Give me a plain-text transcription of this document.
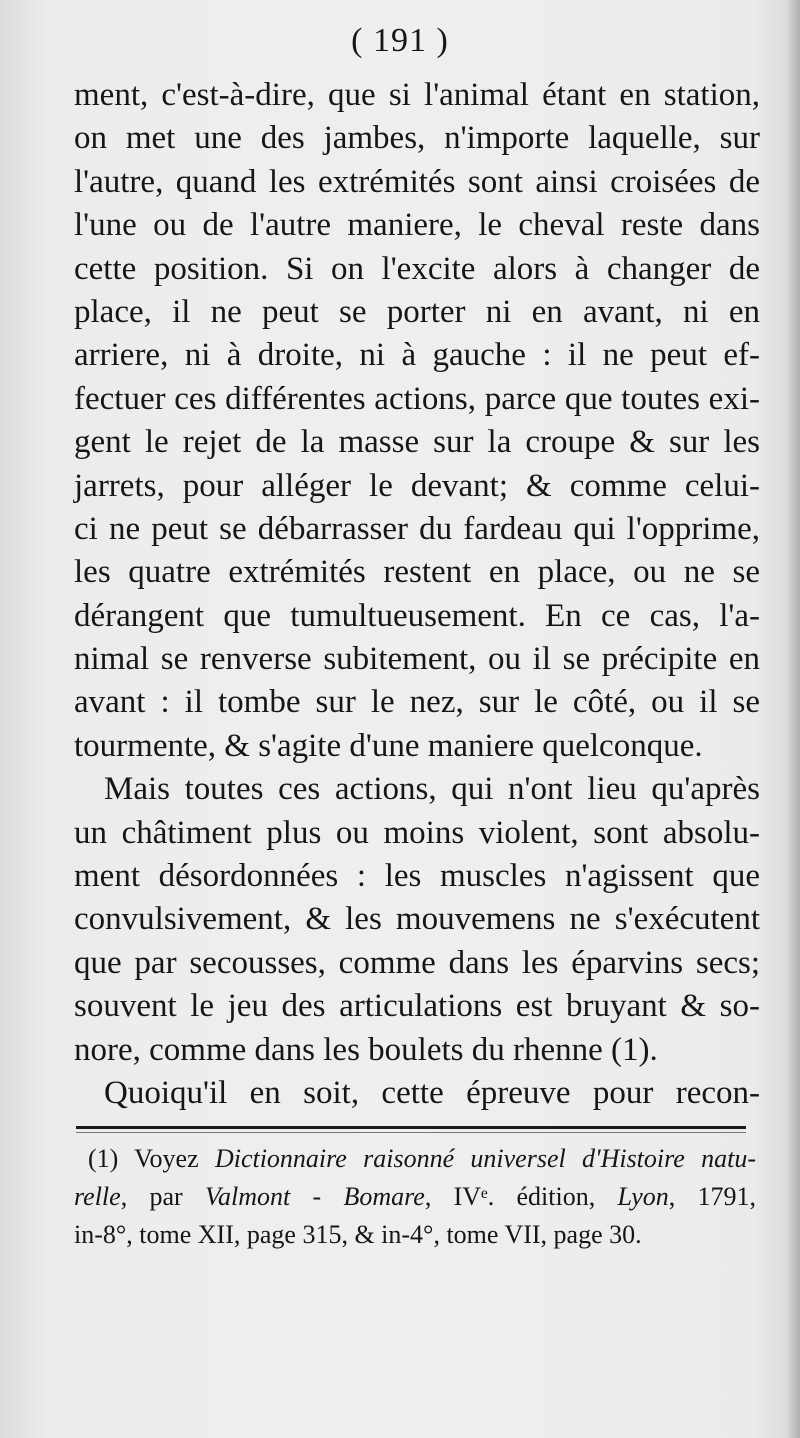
( 191 )
ment, c'est-à-dire, que si l'animal étant en station,
on met une des jambes, n'importe laquelle, sur
l'autre, quand les extrémités sont ainsi croisées de
l'une ou de l'autre maniere, le cheval reste dans
cette position. Si on l'excite alors à changer de
place, il ne peut se porter ni en avant, ni en
arriere, ni à droite, ni à gauche : il ne peut ef-
fectuer ces différentes actions, parce que toutes exi-
gent le rejet de la masse sur la croupe & sur les
jarrets, pour alléger le devant; & comme celui-
ci ne peut se débarrasser du fardeau qui l'opprime,
les quatre extrémités restent en place, ou ne se
dérangent que tumultueusement. En ce cas, l'a-
nimal se renverse subitement, ou il se précipite en
avant : il tombe sur le nez, sur le côté, ou il se
tourmente, & s'agite d'une maniere quelconque.
Mais toutes ces actions, qui n'ont lieu qu'après
un châtiment plus ou moins violent, sont absolu-
ment désordonnées : les muscles n'agissent que
convulsivement, & les mouvemens ne s'exécutent
que par secousses, comme dans les éparvins secs;
souvent le jeu des articulations est bruyant & so-
nore, comme dans les boulets du rhenne (1).
Quoiqu'il en soit, cette épreuve pour recon-
(1) Voyez Dictionnaire raisonné universel d'Histoire natu-
relle, par Valmont - Bomare, IVᵉ. édition, Lyon, 1791,
in-8°, tome XII, page 315, & in-4°, tome VII, page 30.
